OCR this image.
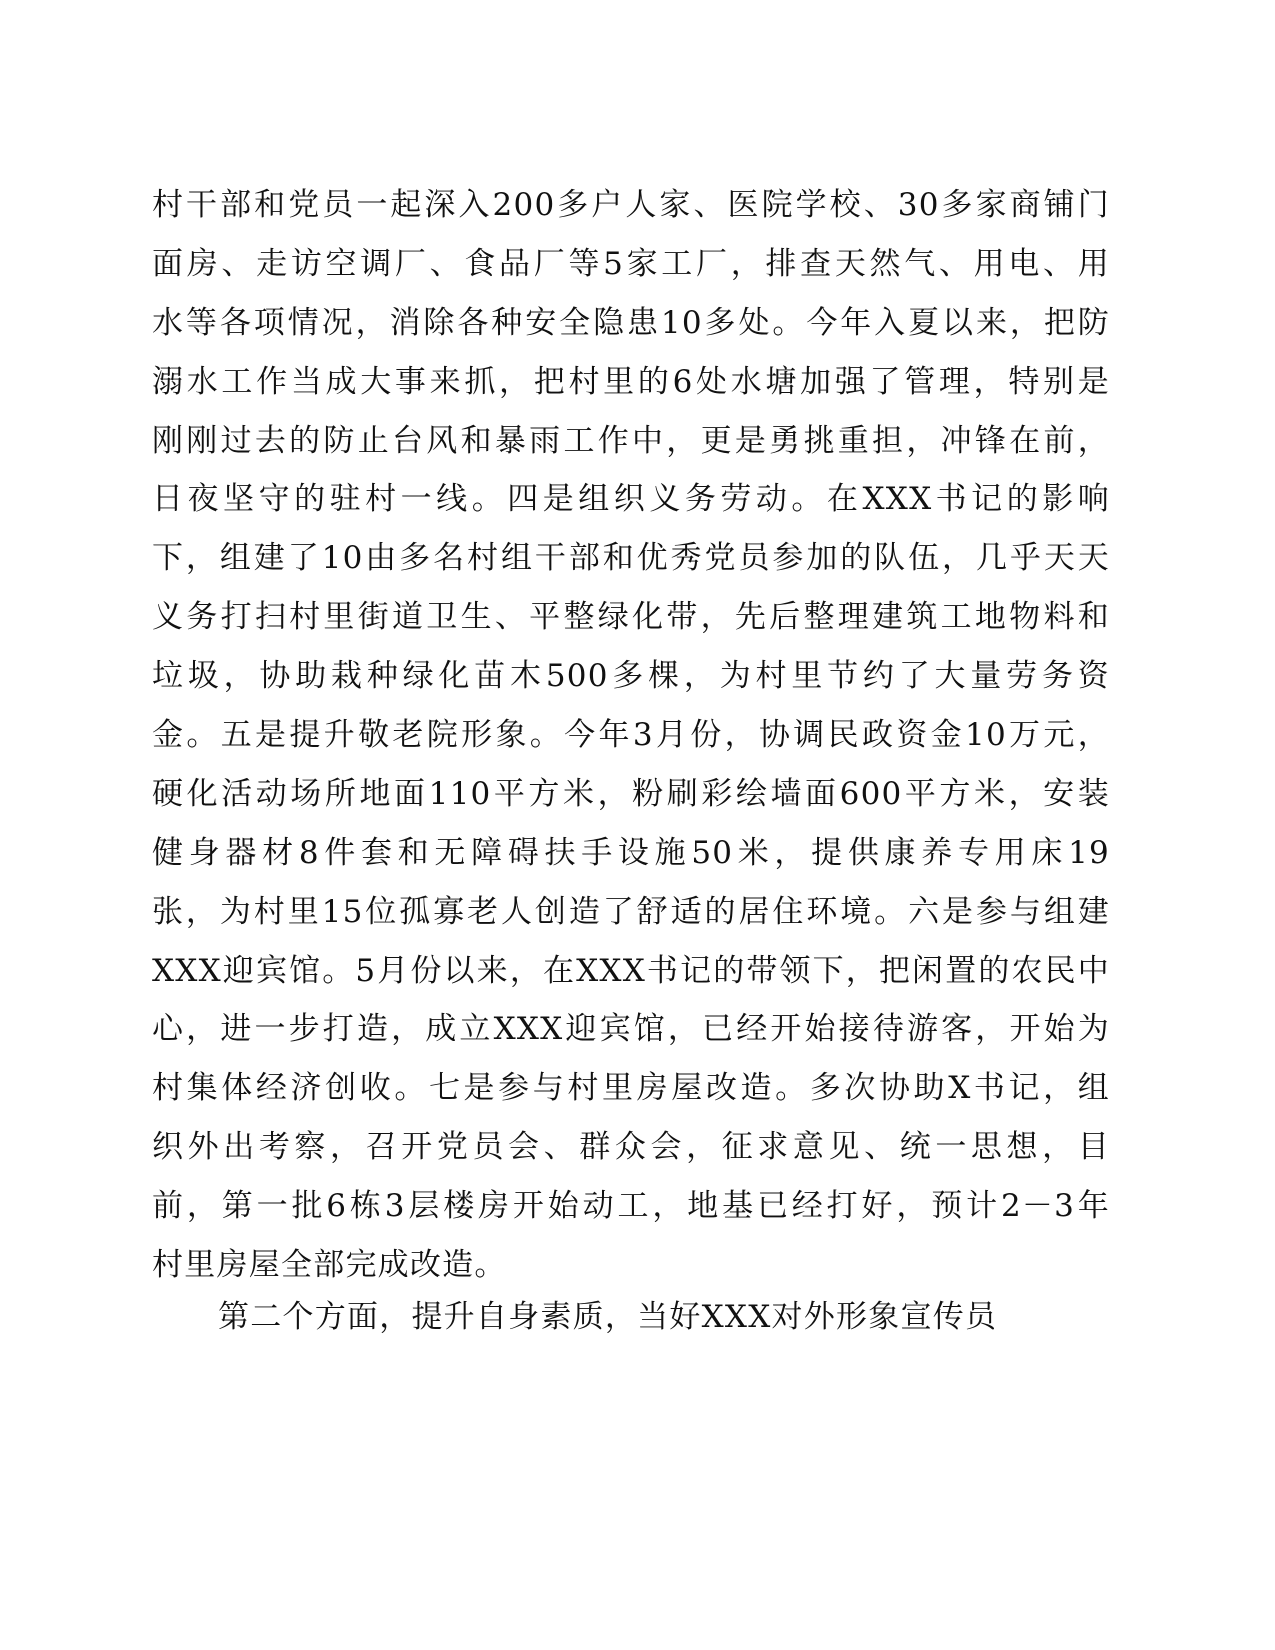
村干部和党员一起深入200多户人家、医院学校、30多家商铺门
面房、走访空调厂、食品厂等5家工厂，排查天然气、用电、用
水等各项情况，消除各种安全隐患10多处。今年入夏以来，把防
溺水工作当成大事来抓，把村里的6处水塘加强了管理，特别是
刚刚过去的防止台风和暴雨工作中，更是勇挑重担，冲锋在前，
日夜坚守的驻村一线。四是组织义务劳动。在XXX书记的影响
下，组建了10由多名村组干部和优秀党员参加的队伍，几乎天天
义务打扫村里街道卫生、平整绿化带，先后整理建筑工地物料和
垃圾，协助栽种绿化苗木500多棵，为村里节约了大量劳务资
金。五是提升敬老院形象。今年3月份，协调民政资金10万元，
硬化活动场所地面110平方米，粉刷彩绘墙面600平方米，安装
健身器材8件套和无障碍扶手设施50米，提供康养专用床19
张，为村里15位孤寡老人创造了舒适的居住环境。六是参与组建
XXX迎宾馆。5月份以来，在XXX书记的带领下，把闲置的农民中
心，进一步打造，成立XXX迎宾馆，已经开始接待游客，开始为
村集体经济创收。七是参与村里房屋改造。多次协助X书记，组
织外出考察，召开党员会、群众会，征求意见、统一思想，目
前，第一批6栋3层楼房开始动工，地基已经打好，预计2－3年
村里房屋全部完成改造。
第二个方面，提升自身素质，当好XXX对外形象宣传员
